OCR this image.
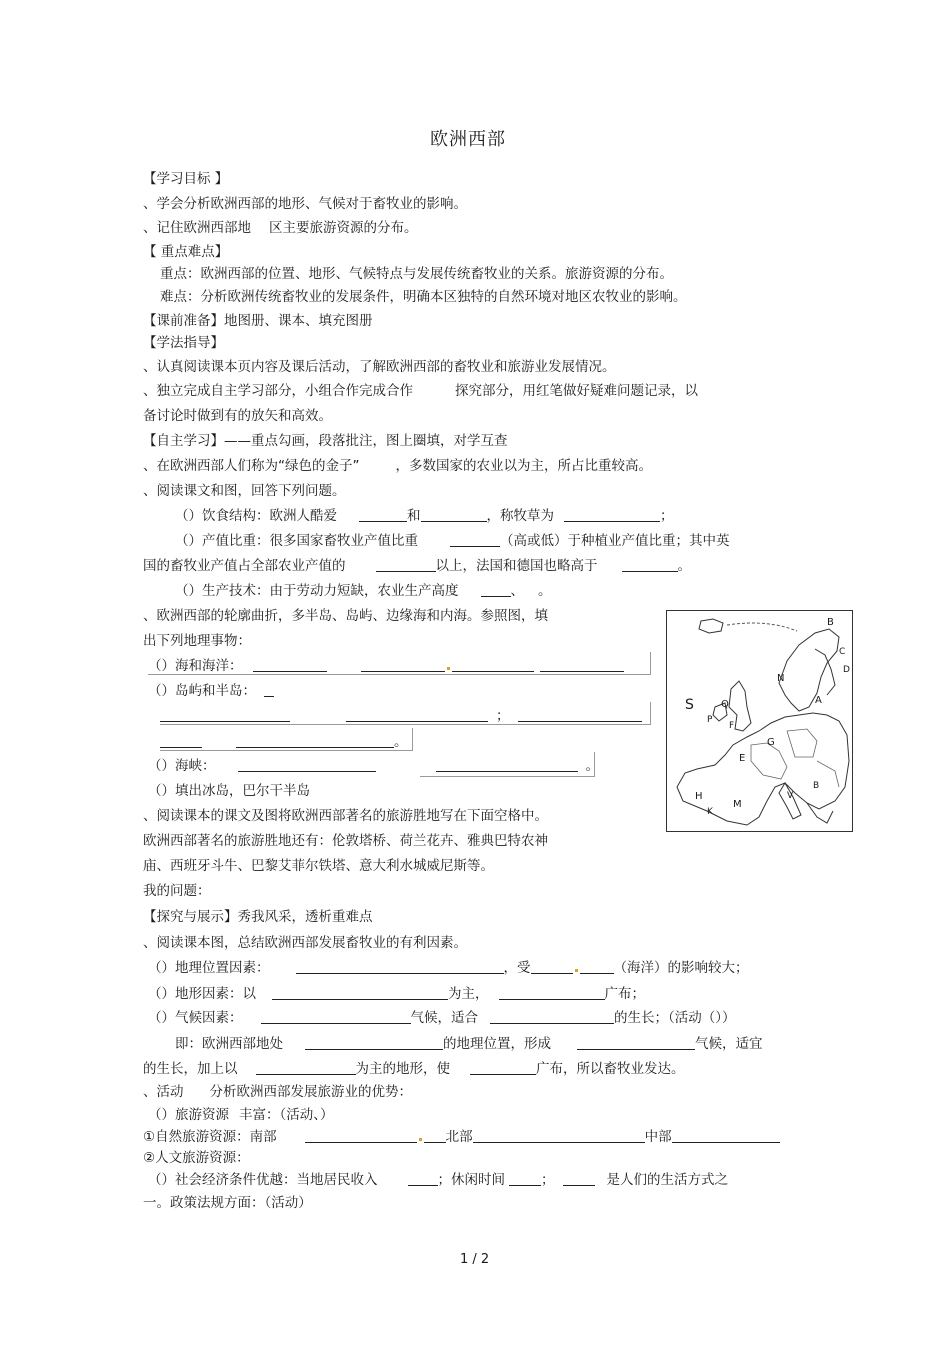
欧洲西部
【学习目标 】
、学会分析欧洲西部的地形、气候对于畜牧业的影响。
、记住欧洲西部地 区主要旅游资源的分布。
【 重点难点】
重点：欧洲西部的位置、地形、气候特点与发展传统畜牧业的关系。旅游资源的分布。
难点：分析欧洲传统畜牧业的发展条件，明确本区独特的自然环境对地区农牧业的影响。
【课前准备】地图册、课本、填充图册
【学法指导】
、认真阅读课本页内容及课后活动，了解欧洲西部的畜牧业和旅游业发展情况。
、独立完成自主学习部分，小组合作完成合作	探究部分，用红笔做好疑难问题记录，以
备讨论时做到有的放矢和高效。
【自主学习】——重点勾画，段落批注，图上圈填，对学互查
、在欧洲西部人们称为“绿色的金子”	，多数国家的农业以为主，所占比重较高。
、阅读课文和图，回答下列问题。
（）饮食结构：欧洲人酷爱	和	，称牧草为	；
（）产值比重：很多国家畜牧业产值比重	（高或低）于种植业产值比重；其中英
国的畜牧业产值占全部农业产值的	以上，法国和德国也略高于	。
（）生产技术：由于劳动力短缺，农业生产高度	、 。
、欧洲西部的轮廓曲折，多半岛、岛屿、边缘海和内海。参照图，填
出下列地理事物：
（）海和海洋：
（）岛屿和半岛：
；
。
（）海峡：	。
（）填出冰岛，巴尔干半岛
、阅读课本的课文及图将欧洲西部著名的旅游胜地写在下面空格中。
欧洲西部著名的旅游胜地还有：伦敦塔桥、荷兰花卉、雅典巴特农神
庙、西班牙斗牛、巴黎艾菲尔铁塔、意大利水城威尼斯等。
我的问题：
【探究与展示】秀我风采，透析重难点
、阅读课本图，总结欧洲西部发展畜牧业的有利因素。
（）地理位置因素：	，受	（海洋）的影响较大；
（）地形因素：以	为主，	广布；
（）气候因素：	气候，适合	的生长；（活动（））
即：欧洲西部地处	的地理位置，形成	气候，适宜
的生长，加上以	为主的地形，使	广布，所以畜牧业发达。
、活动 分析欧洲西部发展旅游业的优势：
（）旅游资源 丰富：（活动、）
①自然旅游资源：南部	北部	中部
②人文旅游资源：
（）社会经济条件优越：当地居民收入	；休闲时间	；	是人们的生活方式之
一。政策法规方面：（活动）
S	Q
N
A
B
C
D
F
P
G
E
M
H
K
V
B
1 / 2
